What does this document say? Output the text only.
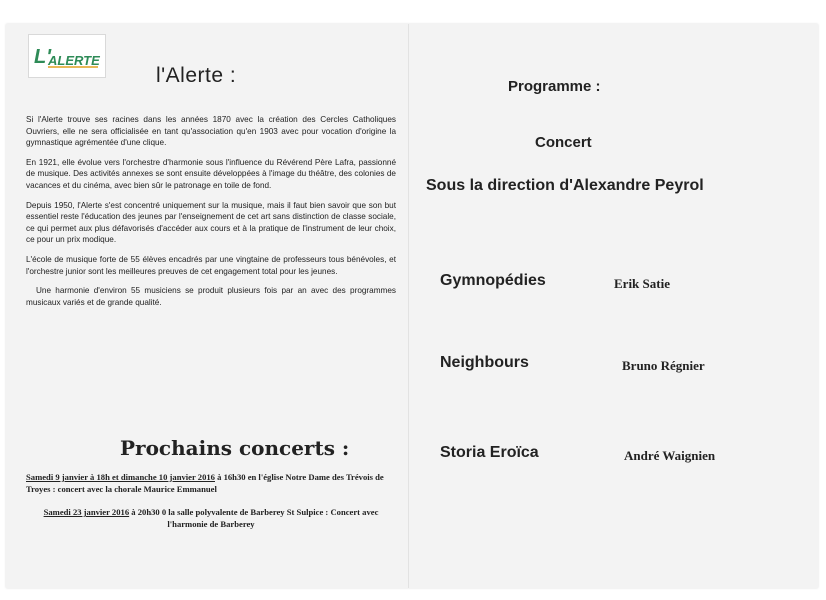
L'
ALERTE
l'Alerte :

Si l'Alerte trouve ses racines dans les années 1870 avec la création des Cercles Catholiques Ouvriers, elle ne sera officialisée en tant qu'association qu'en 1903 avec pour vocation d'origine la gymnastique agrémentée d'une clique.

En 1921, elle évolue vers l'orchestre d'harmonie sous l'influence du Révérend Père Lafra, passionné de musique. Des activités annexes se sont ensuite développées à l'image du théâtre, des colonies de vacances et du cinéma, avec bien sûr le patronage en toile de fond.

Depuis 1950, l'Alerte s'est concentré uniquement sur la musique, mais il faut bien savoir que son but essentiel reste l'éducation des jeunes par l'enseignement de cet art sans distinction de classe sociale, ce qui permet aux plus défavorisés d'accéder aux cours et à la pratique de l'instrument de leur choix, ce pour un prix modique.

L'école de musique forte de 55 élèves encadrés par une vingtaine de professeurs tous bénévoles, et l'orchestre junior sont les meilleures preuves de cet engagement total pour les jeunes.

Une harmonie d'environ 55 musiciens se produit plusieurs fois par an avec des programmes musicaux variés et de grande qualité.

Prochains concerts :
Samedi 9 janvier à 18h et dimanche 10 janvier 2016 à 16h30 en l'église Notre Dame des Trévois de Troyes : concert avec la chorale Maurice Emmanuel
Samedi 23 janvier 2016 à 20h30 0 la salle polyvalente de Barberey St Sulpice : Concert avec l'harmonie de Barberey
Programme :
Concert
Sous la direction d'Alexandre Peyrol
Gymnopédies	Erik Satie
Neighbours	Bruno Régnier
Storia Eroïca	André Waignien
